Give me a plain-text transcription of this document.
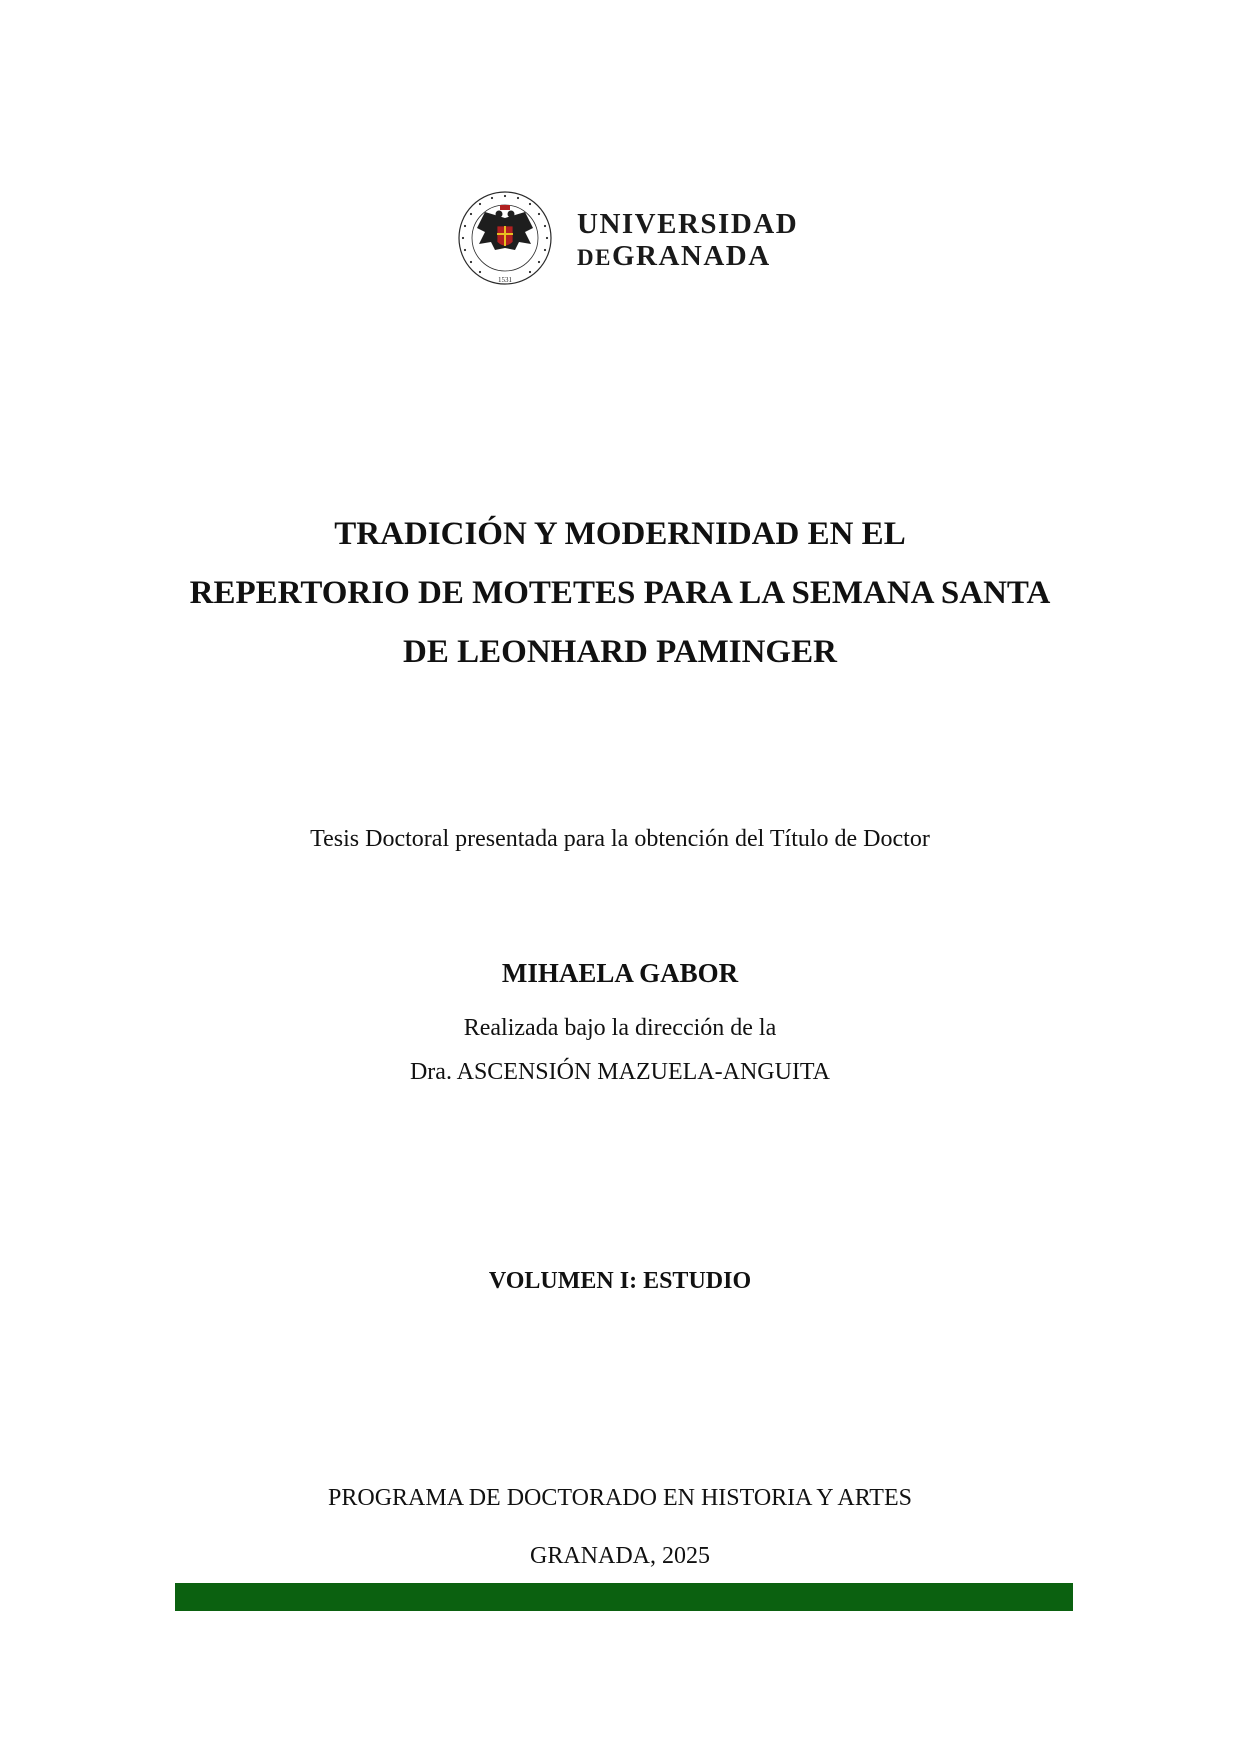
1531
UNIVERSIDAD
DEGRANADA
TRADICIÓN Y MODERNIDAD EN EL
REPERTORIO DE MOTETES PARA LA SEMANA SANTA
DE LEONHARD PAMINGER
Tesis Doctoral presentada para la obtención del Título de Doctor
MIHAELA GABOR
Realizada bajo la dirección de la
Dra. ASCENSIÓN MAZUELA-ANGUITA
VOLUMEN I: ESTUDIO
PROGRAMA DE DOCTORADO EN HISTORIA Y ARTES
GRANADA, 2025
